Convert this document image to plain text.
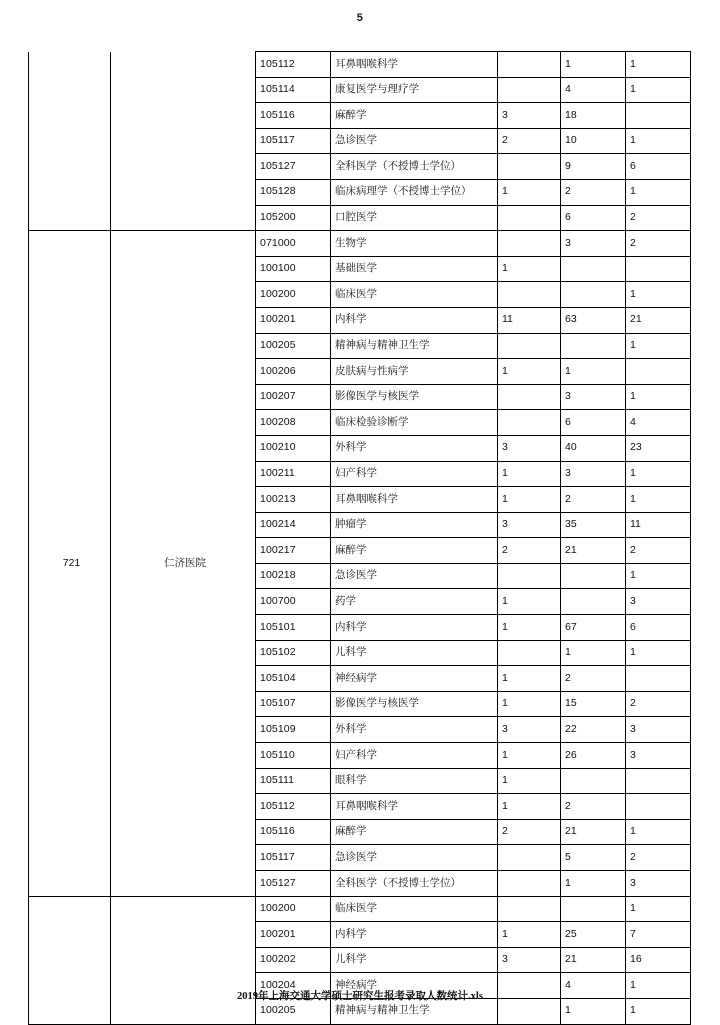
5
		105112	耳鼻咽喉科学		1	1
		105114	康复医学与理疗学		4	1
		105116	麻醉学	3	18	
		105117	急诊医学	2	10	1
		105127	全科医学（不授博士学位）		9	6
		105128	临床病理学（不授博士学位）	1	2	1
		105200	口腔医学		6	2
721	仁济医院	071000	生物学		3	2
		100100	基础医学	1		
		100200	临床医学			1
		100201	内科学	11	63	21
		100205	精神病与精神卫生学			1
		100206	皮肤病与性病学	1	1	
		100207	影像医学与核医学		3	1
		100208	临床检验诊断学		6	4
		100210	外科学	3	40	23
		100211	妇产科学	1	3	1
		100213	耳鼻咽喉科学	1	2	1
		100214	肿瘤学	3	35	11
		100217	麻醉学	2	21	2
		100218	急诊医学			1
		100700	药学	1		3
		105101	内科学	1	67	6
		105102	儿科学		1	1
		105104	神经病学	1	2	
		105107	影像医学与核医学	1	15	2
		105109	外科学	3	22	3
		105110	妇产科学	1	26	3
		105111	眼科学	1		
		105112	耳鼻咽喉科学	1	2	
		105116	麻醉学	2	21	1
		105117	急诊医学		5	2
		105127	全科医学（不授博士学位）		1	3
		100200	临床医学			1
		100201	内科学	1	25	7
		100202	儿科学	3	21	16
		100204	神经病学		4	1
		100205	精神病与精神卫生学		1	1
2019年上海交通大学硕士研究生报考录取人数统计.xls
